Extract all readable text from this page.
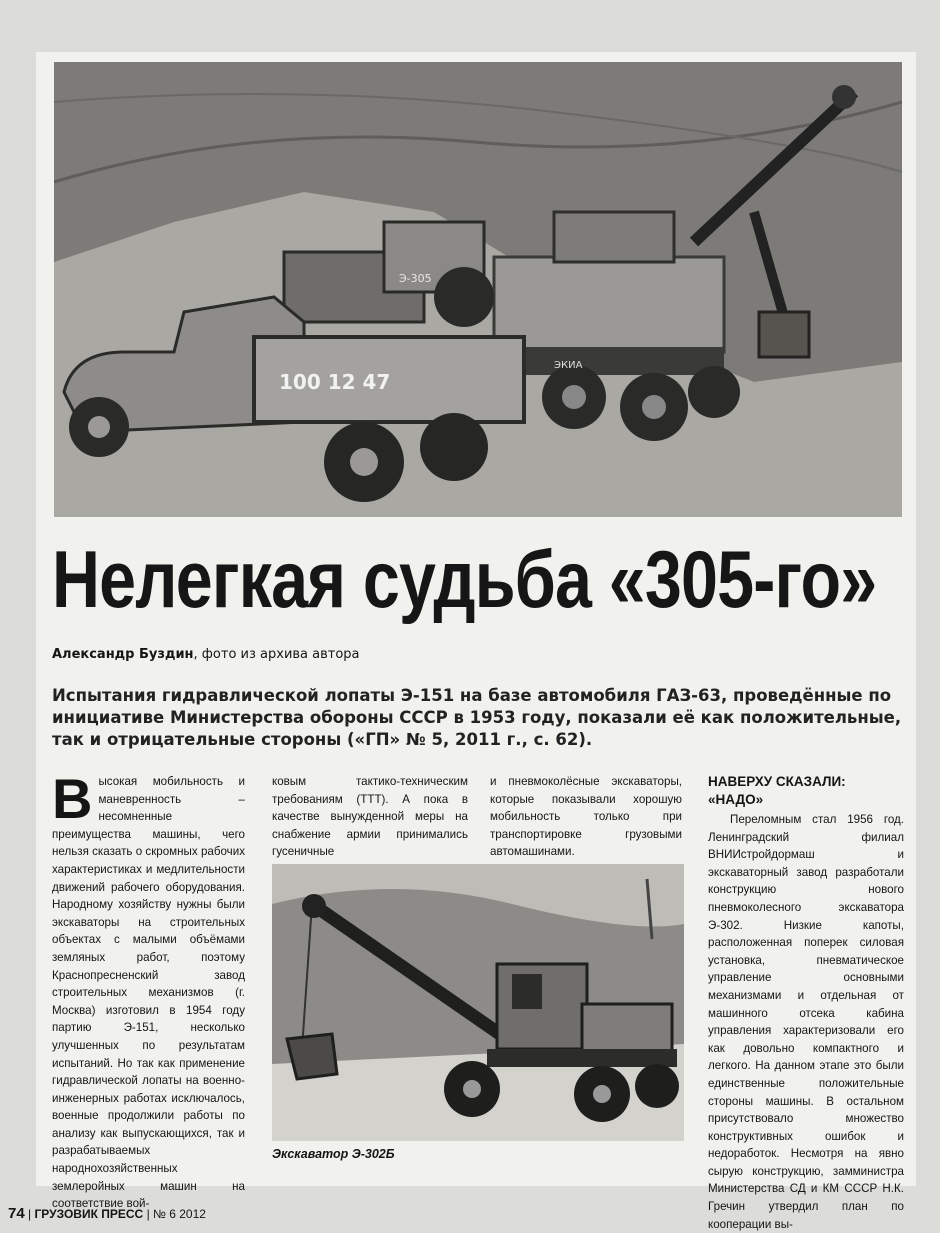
ЭКИА
Э-305
100 12 47
Нелегкая судьба «305-го»
Александр Буздин, фото из архива автора

Испытания гидравлической лопаты Э-151 на базе автомобиля ГАЗ-63, проведённые по инициативе Министерства обороны СССР в 1953 году, показали её как положительные, так и отрицательные стороны («ГП» № 5, 2011 г., с. 62).

Высокая мобильность и маневренность – несомненные преимущества машины, чего нельзя сказать о скромных рабочих характеристиках и медлительности движений рабочего оборудования. Народному хозяйству нужны были экскаваторы на строительных объектах с малыми объёмами земляных работ, поэтому Краснопресненский завод строительных механизмов (г. Москва) изготовил в 1954 году партию Э-151, несколько улучшенных по результатам испытаний. Но так как применение гидравлической лопаты на военно-инженерных работах исключалось, военные продолжили работы по анализу как выпускающихся, так и разрабатываемых народнохозяйственных землеройных машин на соответствие вой-

ковым тактико-техническим требованиям (ТТТ). А пока в качестве вынужденной меры на снабжение армии принимались гусеничные

и пневмоколёсные экскаваторы, которые показывали хорошую мобильность только при транспортировке грузовыми автомашинами.

НАВЕРХУ СКАЗАЛИ: «НАДО»
Переломным стал 1956 год. Ленинградский филиал ВНИИстройдормаш и экскаваторный завод разработали конструкцию нового пневмоколесного экскаватора Э-302. Низкие капоты, расположенная поперек силовая установка, пневматическое управление основными механизмами и отдельная от машинного отсека кабина управления характеризовали его как довольно компактного и легкого. На данном этапе это были единственные положительные стороны машины. В остальном присутствовало множество конструктивных ошибок и недоработок. Несмотря на явно сырую конструкцию, замминистра Министерства СД и КМ СССР Н.К. Гречин утвердил план по кооперации вы-
Экскаватор Э-302Б
74 | ГРУЗОВИК ПРЕСС | № 6 2012
